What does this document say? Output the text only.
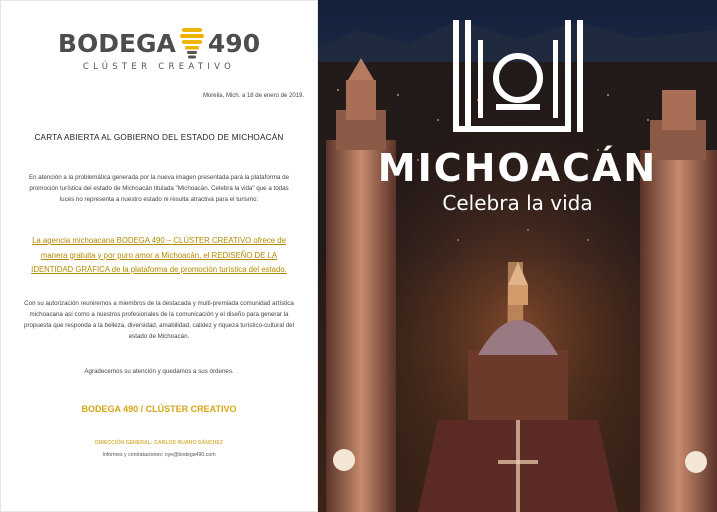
BODEGA 490
CLÚSTER CREATIVO
Morelia, Mich. a 18 de enero de 2019.
CARTA ABIERTA AL GOBIERNO DEL ESTADO DE MICHOACÁN
En atención a la problemática generada por la nueva imagen presentada para la plataforma de promoción turística del estado de Michoacán titulada "Michoacán. Celebra la vida" que a todas luces no representa a nuestro estado ni resulta atractiva para el turismo:
La agencia michoacana BODEGA 490 – CLÚSTER CREATIVO ofrece de manera gratuita y por puro amor a Michoacán, el REDISEÑO DE LA IDENTIDAD GRÁFICA de la plataforma de promoción turística del estado.
Con su autorización reuniremos a miembros de la destacada y multi-premiada comunidad artística michoacana así como a nuestros profesionales de la comunicación y el diseño para generar la propuesta que responda a la belleza, diversidad, amabilidad, calidez y riqueza turístico-cultural del estado de Michoacán.
Agradecemos su atención y quedamos a sus órdenes.
BODEGA 490 / CLÚSTER CREATIVO
DIRECCIÓN GENERAL: CARLOS RUANO SÁNCHEZ
Informes y contrataciones: oye@bodega490.com
MICHOACÁN
Celebra la vida
